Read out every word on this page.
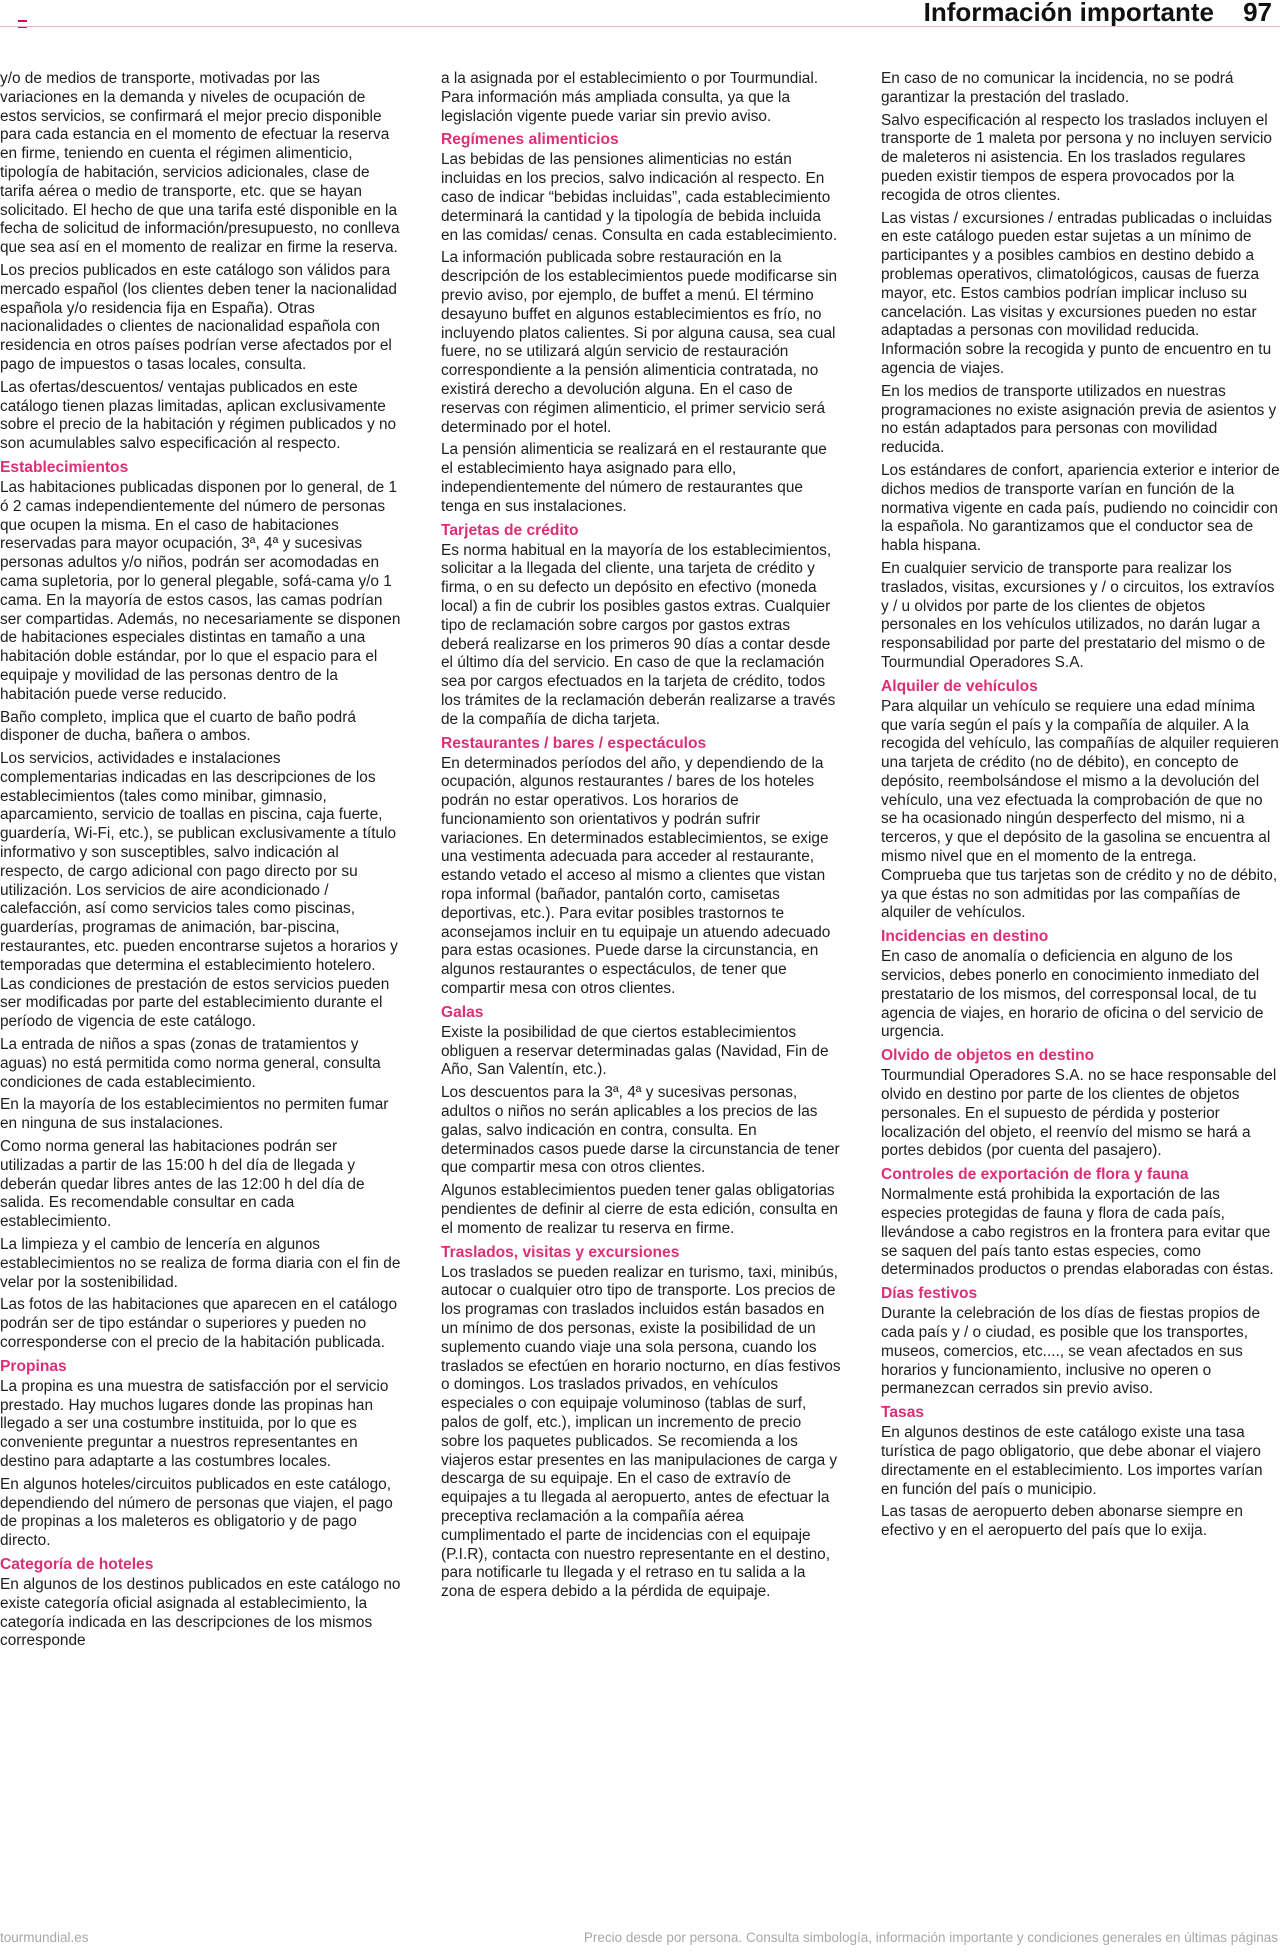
Información importante 97

y/o de medios de transporte, motivadas por las variaciones en la demanda y niveles de ocupación de estos servicios, se confirmará el mejor precio disponible para cada estancia en el momento de efectuar la reserva en firme, teniendo en cuenta el régimen alimenticio, tipología de habitación, servicios adicionales, clase de tarifa aérea o medio de transporte, etc. que se hayan solicitado. El hecho de que una tarifa esté disponible en la fecha de solicitud de información/presupuesto, no conlleva que sea así en el momento de realizar en firme la reserva.

Los precios publicados en este catálogo son válidos para mercado español (los clientes deben tener la nacionalidad española y/o residencia fija en España). Otras nacionalidades o clientes de nacionalidad española con residencia en otros países podrían verse afectados por el pago de impuestos o tasas locales, consulta.

Las ofertas/descuentos/ ventajas publicados en este catálogo tienen plazas limitadas, aplican exclusivamente sobre el precio de la habitación y régimen publicados y no son acumulables salvo especificación al respecto.

Establecimientos

Las habitaciones publicadas disponen por lo general, de 1 ó 2 camas independientemente del número de personas que ocupen la misma. En el caso de habitaciones reservadas para mayor ocupación, 3ª, 4ª y sucesivas personas adultos y/o niños, podrán ser acomodadas en cama supletoria, por lo general plegable, sofá-cama y/o 1 cama. En la mayoría de estos casos, las camas podrían ser compartidas. Además, no necesariamente se disponen de habitaciones especiales distintas en tamaño a una habitación doble estándar, por lo que el espacio para el equipaje y movilidad de las personas dentro de la habitación puede verse reducido.

Baño completo, implica que el cuarto de baño podrá disponer de ducha, bañera o ambos.

Los servicios, actividades e instalaciones complementarias indicadas en las descripciones de los establecimientos (tales como minibar, gimnasio, aparcamiento, servicio de toallas en piscina, caja fuerte, guardería, Wi-Fi, etc.), se publican exclusivamente a título informativo y son susceptibles, salvo indicación al respecto, de cargo adicional con pago directo por su utilización. Los servicios de aire acondicionado / calefacción, así como servicios tales como piscinas, guarderías, programas de animación, bar-piscina, restaurantes, etc. pueden encontrarse sujetos a horarios y temporadas que determina el establecimiento hotelero. Las condiciones de prestación de estos servicios pueden ser modificadas por parte del establecimiento durante el período de vigencia de este catálogo.

La entrada de niños a spas (zonas de tratamientos y aguas) no está permitida como norma general, consulta condiciones de cada establecimiento.

En la mayoría de los establecimientos no permiten fumar en ninguna de sus instalaciones.

Como norma general las habitaciones podrán ser utilizadas a partir de las 15:00 h del día de llegada y deberán quedar libres antes de las 12:00 h del día de salida. Es recomendable consultar en cada establecimiento.

La limpieza y el cambio de lencería en algunos establecimientos no se realiza de forma diaria con el fin de velar por la sostenibilidad.

Las fotos de las habitaciones que aparecen en el catálogo podrán ser de tipo estándar o superiores y pueden no corresponderse con el precio de la habitación publicada.

Propinas

La propina es una muestra de satisfacción por el servicio prestado. Hay muchos lugares donde las propinas han llegado a ser una costumbre instituida, por lo que es conveniente preguntar a nuestros representantes en destino para adaptarte a las costumbres locales.

En algunos hoteles/circuitos publicados en este catálogo, dependiendo del número de personas que viajen, el pago de propinas a los maleteros es obligatorio y de pago directo.

Categoría de hoteles

En algunos de los destinos publicados en este catálogo no existe categoría oficial asignada al establecimiento, la categoría indicada en las descripciones de los mismos corresponde

a la asignada por el establecimiento o por Tourmundial. Para información más ampliada consulta, ya que la legislación vigente puede variar sin previo aviso.

Regímenes alimenticios

Las bebidas de las pensiones alimenticias no están incluidas en los precios, salvo indicación al respecto. En caso de indicar “bebidas incluidas”, cada establecimiento determinará la cantidad y la tipología de bebida incluida en las comidas/ cenas. Consulta en cada establecimiento.

La información publicada sobre restauración en la descripción de los establecimientos puede modificarse sin previo aviso, por ejemplo, de buffet a menú. El término desayuno buffet en algunos establecimientos es frío, no incluyendo platos calientes. Si por alguna causa, sea cual fuere, no se utilizará algún servicio de restauración correspondiente a la pensión alimenticia contratada, no existirá derecho a devolución alguna. En el caso de reservas con régimen alimenticio, el primer servicio será determinado por el hotel.

La pensión alimenticia se realizará en el restaurante que el establecimiento haya asignado para ello, independientemente del número de restaurantes que tenga en sus instalaciones.

Tarjetas de crédito

Es norma habitual en la mayoría de los establecimientos, solicitar a la llegada del cliente, una tarjeta de crédito y firma, o en su defecto un depósito en efectivo (moneda local) a fin de cubrir los posibles gastos extras. Cualquier tipo de reclamación sobre cargos por gastos extras deberá realizarse en los primeros 90 días a contar desde el último día del servicio. En caso de que la reclamación sea por cargos efectuados en la tarjeta de crédito, todos los trámites de la reclamación deberán realizarse a través de la compañía de dicha tarjeta.

Restaurantes / bares / espectáculos

En determinados períodos del año, y dependiendo de la ocupación, algunos restaurantes / bares de los hoteles podrán no estar operativos. Los horarios de funcionamiento son orientativos y podrán sufrir variaciones. En determinados establecimientos, se exige una vestimenta adecuada para acceder al restaurante, estando vetado el acceso al mismo a clientes que vistan ropa informal (bañador, pantalón corto, camisetas deportivas, etc.). Para evitar posibles trastornos te aconsejamos incluir en tu equipaje un atuendo adecuado para estas ocasiones. Puede darse la circunstancia, en algunos restaurantes o espectáculos, de tener que compartir mesa con otros clientes.

Galas

Existe la posibilidad de que ciertos establecimientos obliguen a reservar determinadas galas (Navidad, Fin de Año, San Valentín, etc.).

Los descuentos para la 3ª, 4ª y sucesivas personas, adultos o niños no serán aplicables a los precios de las galas, salvo indicación en contra, consulta. En determinados casos puede darse la circunstancia de tener que compartir mesa con otros clientes.

Algunos establecimientos pueden tener galas obligatorias pendientes de definir al cierre de esta edición, consulta en el momento de realizar tu reserva en firme.

Traslados, visitas y excursiones

Los traslados se pueden realizar en turismo, taxi, minibús, autocar o cualquier otro tipo de transporte. Los precios de los programas con traslados incluidos están basados en un mínimo de dos personas, existe la posibilidad de un suplemento cuando viaje una sola persona, cuando los traslados se efectúen en horario nocturno, en días festivos o domingos. Los traslados privados, en vehículos especiales o con equipaje voluminoso (tablas de surf, palos de golf, etc.), implican un incremento de precio sobre los paquetes publicados. Se recomienda a los viajeros estar presentes en las manipulaciones de carga y descarga de su equipaje. En el caso de extravío de equipajes a tu llegada al aeropuerto, antes de efectuar la preceptiva reclamación a la compañía aérea cumplimentado el parte de incidencias con el equipaje (P.I.R), contacta con nuestro representante en el destino, para notificarle tu llegada y el retraso en tu salida a la zona de espera debido a la pérdida de equipaje.

En caso de no comunicar la incidencia, no se podrá garantizar la prestación del traslado.

Salvo especificación al respecto los traslados incluyen el transporte de 1 maleta por persona y no incluyen servicio de maleteros ni asistencia. En los traslados regulares pueden existir tiempos de espera provocados por la recogida de otros clientes.

Las vistas / excursiones / entradas publicadas o incluidas en este catálogo pueden estar sujetas a un mínimo de participantes y a posibles cambios en destino debido a problemas operativos, climatológicos, causas de fuerza mayor, etc. Estos cambios podrían implicar incluso su cancelación. Las visitas y excursiones pueden no estar adaptadas a personas con movilidad reducida. Información sobre la recogida y punto de encuentro en tu agencia de viajes.

En los medios de transporte utilizados en nuestras programaciones no existe asignación previa de asientos y no están adaptados para personas con movilidad reducida.

Los estándares de confort, apariencia exterior e interior de dichos medios de transporte varían en función de la normativa vigente en cada país, pudiendo no coincidir con la española. No garantizamos que el conductor sea de habla hispana.

En cualquier servicio de transporte para realizar los traslados, visitas, excursiones y / o circuitos, los extravíos y / u olvidos por parte de los clientes de objetos personales en los vehículos utilizados, no darán lugar a responsabilidad por parte del prestatario del mismo o de Tourmundial Operadores S.A.

Alquiler de vehículos

Para alquilar un vehículo se requiere una edad mínima que varía según el país y la compañía de alquiler. A la recogida del vehículo, las compañías de alquiler requieren una tarjeta de crédito (no de débito), en concepto de depósito, reembolsándose el mismo a la devolución del vehículo, una vez efectuada la comprobación de que no se ha ocasionado ningún desperfecto del mismo, ni a terceros, y que el depósito de la gasolina se encuentra al mismo nivel que en el momento de la entrega. Comprueba que tus tarjetas son de crédito y no de débito, ya que éstas no son admitidas por las compañías de alquiler de vehículos.

Incidencias en destino

En caso de anomalía o deficiencia en alguno de los servicios, debes ponerlo en conocimiento inmediato del prestatario de los mismos, del corresponsal local, de tu agencia de viajes, en horario de oficina o del servicio de urgencia.

Olvido de objetos en destino

Tourmundial Operadores S.A. no se hace responsable del olvido en destino por parte de los clientes de objetos personales. En el supuesto de pérdida y posterior localización del objeto, el reenvío del mismo se hará a portes debidos (por cuenta del pasajero).

Controles de exportación de flora y fauna

Normalmente está prohibida la exportación de las especies protegidas de fauna y flora de cada país, llevándose a cabo registros en la frontera para evitar que se saquen del país tanto estas especies, como determinados productos o prendas elaboradas con éstas.

Días festivos

Durante la celebración de los días de fiestas propios de cada país y / o ciudad, es posible que los transportes, museos, comercios, etc...., se vean afectados en sus horarios y funcionamiento, inclusive no operen o permanezcan cerrados sin previo aviso.

Tasas

En algunos destinos de este catálogo existe una tasa turística de pago obligatorio, que debe abonar el viajero directamente en el establecimiento. Los importes varían en función del país o municipio.

Las tasas de aeropuerto deben abonarse siempre en efectivo y en el aeropuerto del país que lo exija.

tourmundial.es	Precio desde por persona. Consulta simbología, información importante y condiciones generales en últimas páginas
